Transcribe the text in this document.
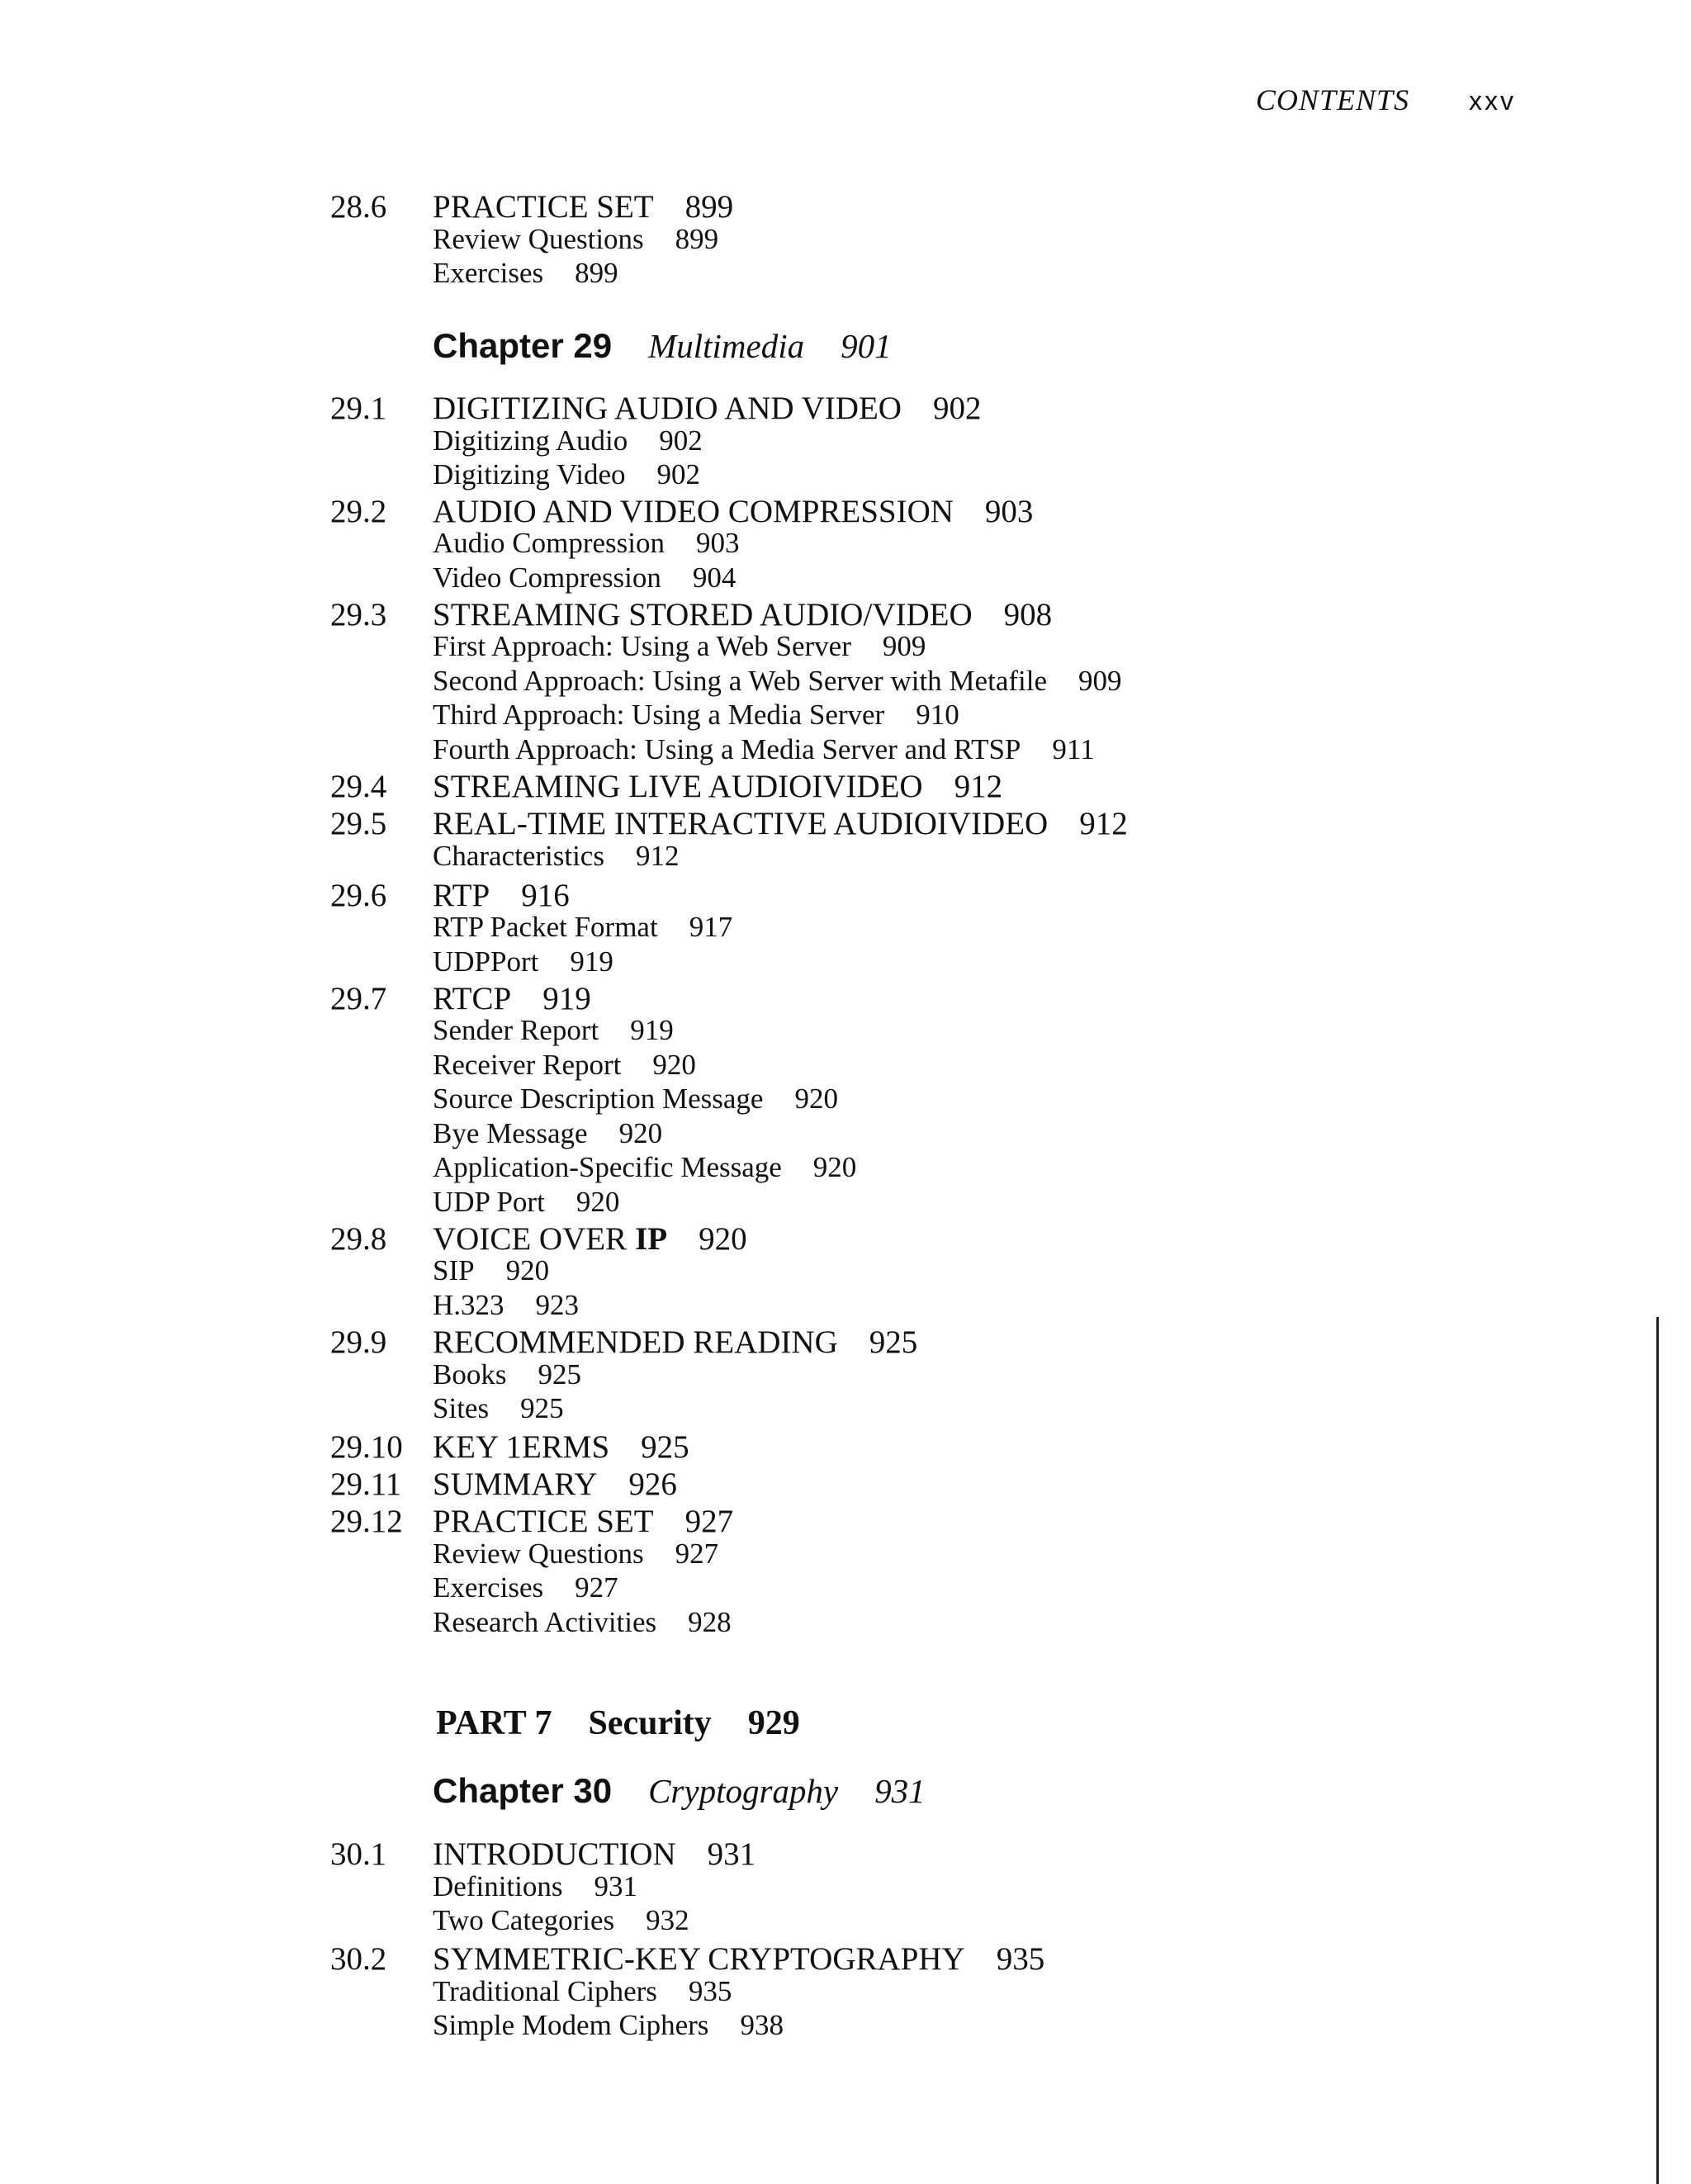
CONTENTS xxv
28.6 PRACTICE SET 899
Review Questions 899
Exercises 899
Chapter 29 Multimedia 901
29.1 DIGITIZING AUDIO AND VIDEO 902
Digitizing Audio 902
Digitizing Video 902
29.2 AUDIO AND VIDEO COMPRESSION 903
Audio Compression 903
Video Compression 904
29.3 STREAMING STORED AUDIO/VIDEO 908
First Approach: Using a Web Server 909
Second Approach: Using a Web Server with Metafile 909
Third Approach: Using a Media Server 910
Fourth Approach: Using a Media Server and RTSP 911
29.4 STREAMING LIVE AUDIOIVIDEO 912
29.5 REAL-TIME INTERACTIVE AUDIOIVIDEO 912
Characteristics 912
29.6 RTP 916
RTP Packet Format 917
UDPPort 919
29.7 RTCP 919
Sender Report 919
Receiver Report 920
Source Description Message 920
Bye Message 920
Application-Specific Message 920
UDP Port 920
29.8 VOICE OVER IP 920
SIP 920
H.323 923
29.9 RECOMMENDED READING 925
Books 925
Sites 925
29.10 KEY 1ERMS 925
29.11 SUMMARY 926
29.12 PRACTICE SET 927
Review Questions 927
Exercises 927
Research Activities 928
PART 7 Security 929
Chapter 30 Cryptography 931
30.1 INTRODUCTION 931
Definitions 931
Two Categories 932
30.2 SYMMETRIC-KEY CRYPTOGRAPHY 935
Traditional Ciphers 935
Simple Modem Ciphers 938
